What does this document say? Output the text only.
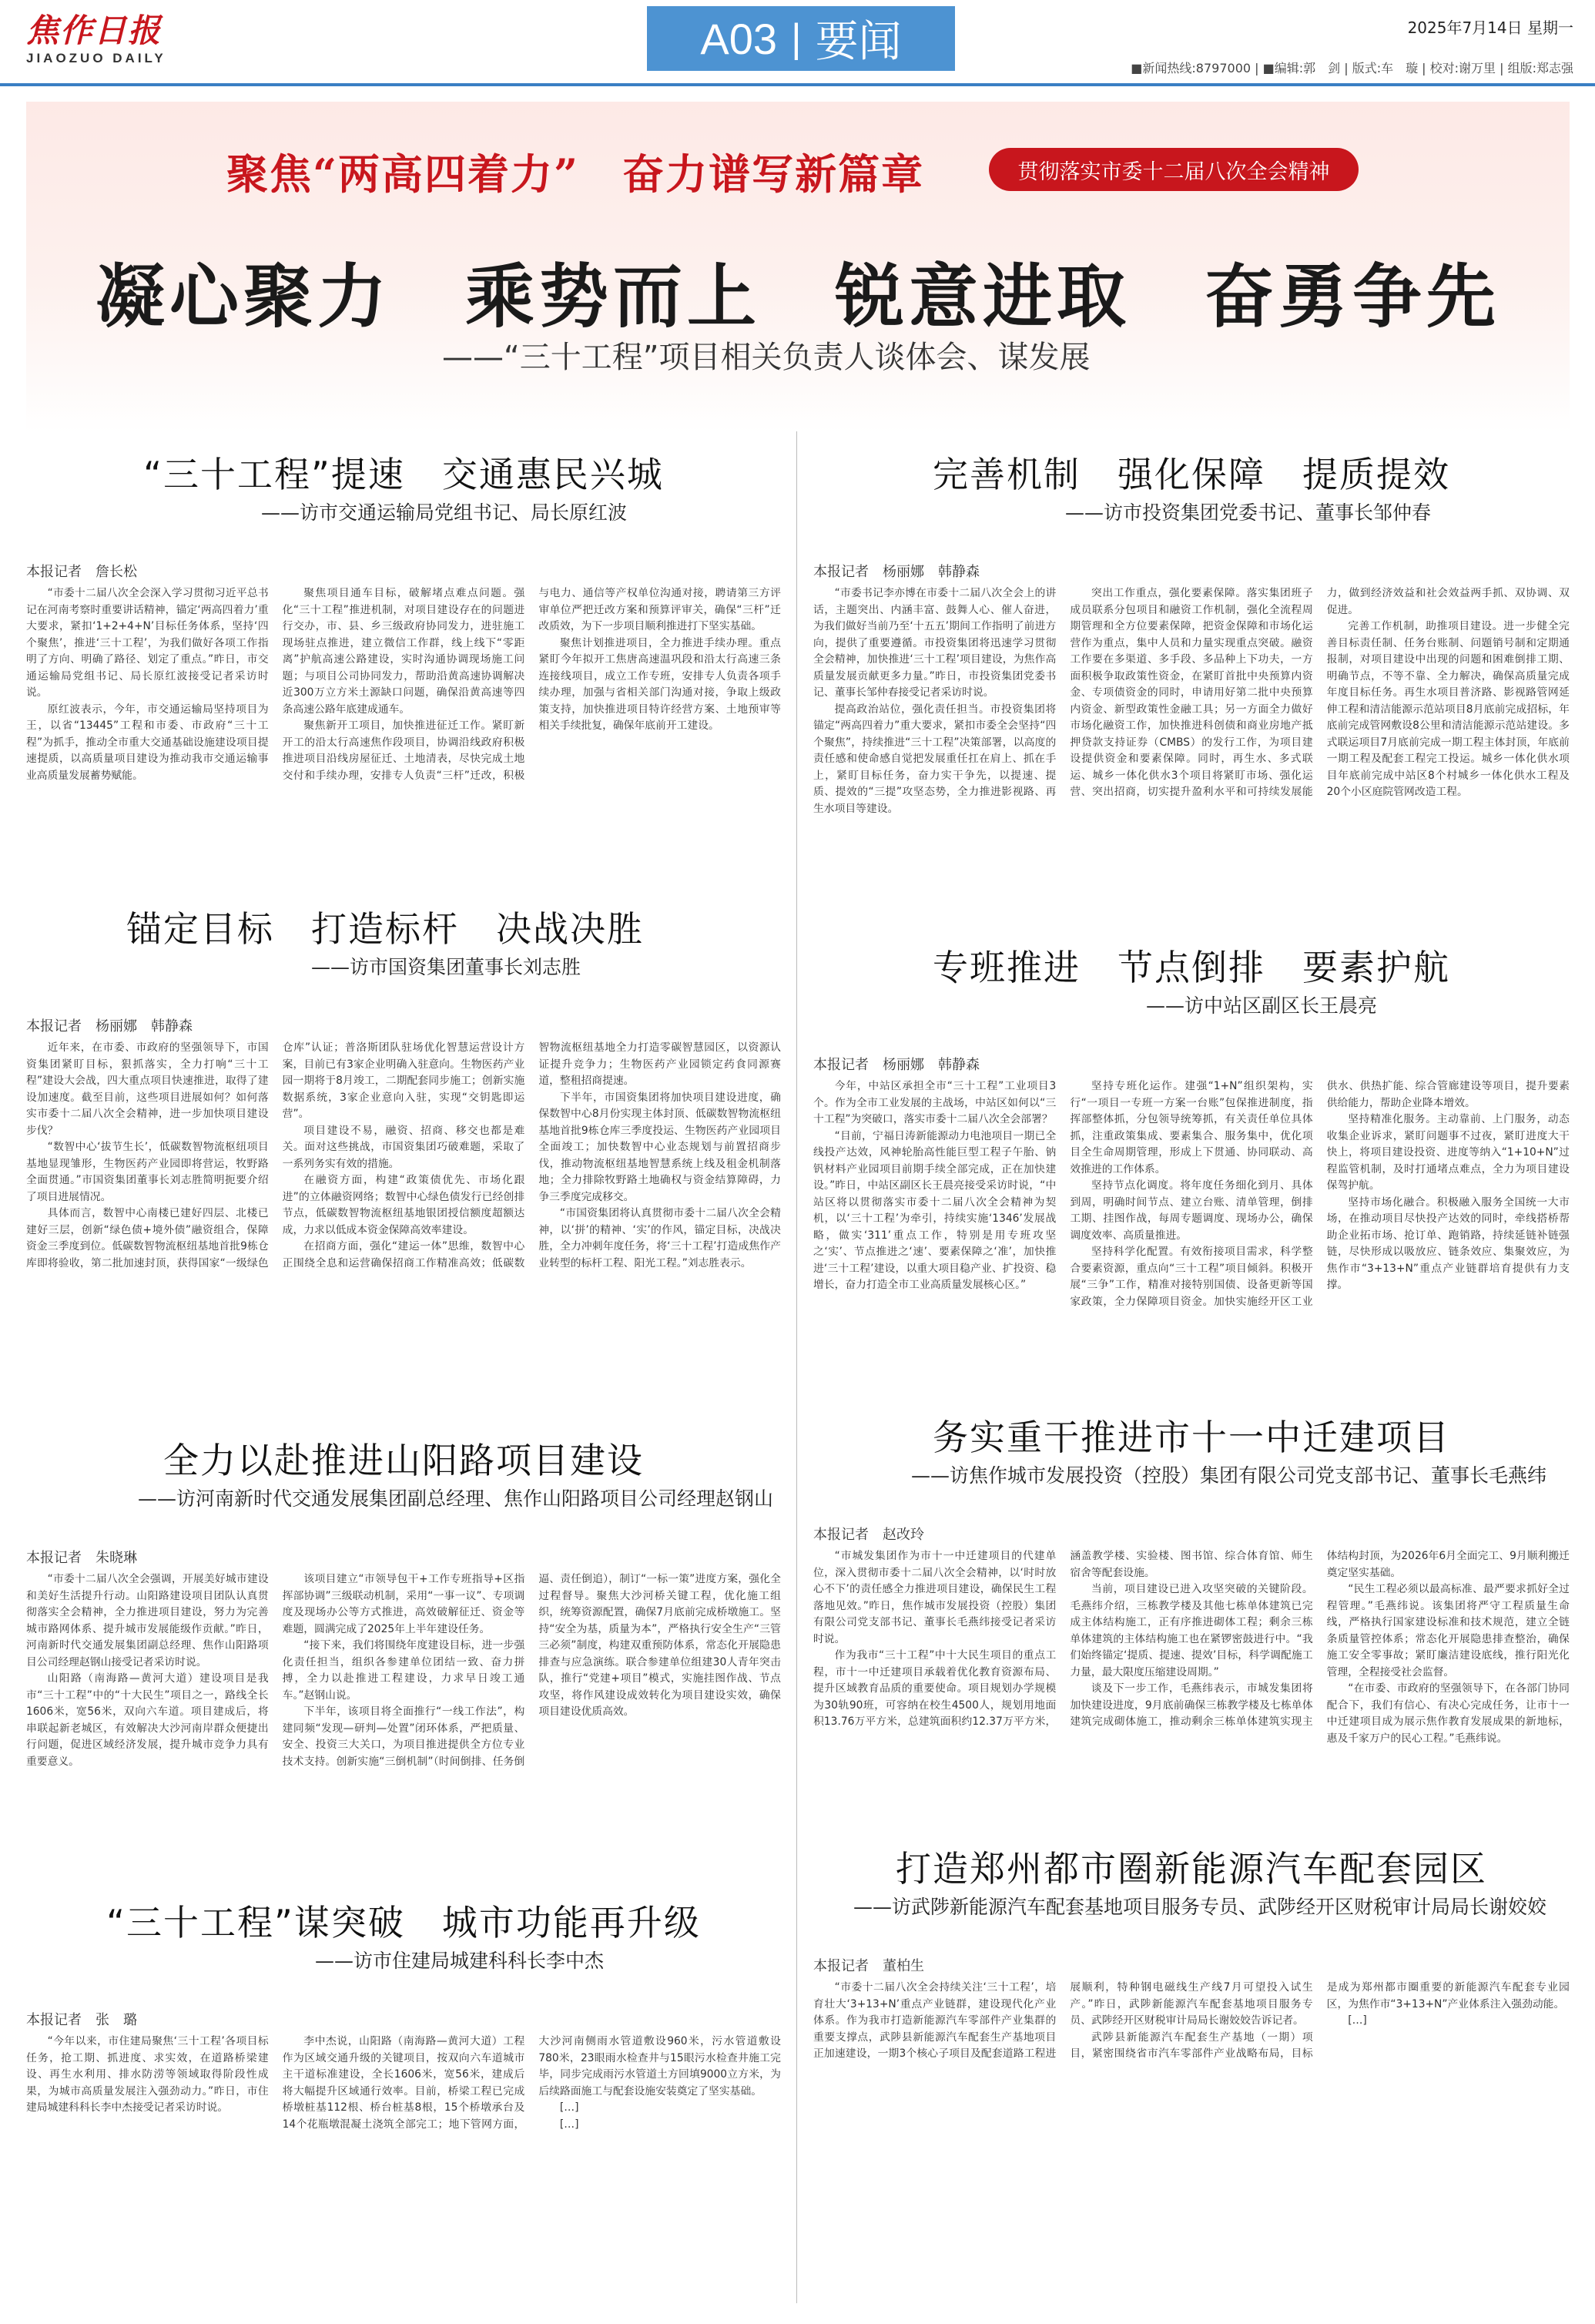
焦作日报
JIAOZUO DAILY	A03 | 要闻	2025年7月14日 星期一
■新闻热线:8797000 | ■编辑:郭　剑 | 版式:车　璇 | 校对:谢万里 | 组版:郑志强
聚焦“两高四着力”　奋力谱写新篇章	贯彻落实市委十二届八次全会精神
凝心聚力　乘势而上　锐意进取　奋勇争先
——“三十工程”项目相关负责人谈体会、谋发展
“三十工程”提速　交通惠民兴城
——访市交通运输局党组书记、局长原红波
本报记者　詹长松

“市委十二届八次全会深入学习贯彻习近平总书记在河南考察时重要讲话精神，锚定‘两高四着力’重大要求，紧扣‘1+2+4+N’目标任务体系，坚持‘四个聚焦’，推进‘三十工程’，为我们做好各项工作指明了方向、明确了路径、划定了重点。”昨日，市交通运输局党组书记、局长原红波接受记者采访时说。

原红波表示，今年，市交通运输局坚持项目为王，以省“13445”工程和市委、市政府“三十工程”为抓手，推动全市重大交通基础设施建设项目提速提质，以高质量项目建设为推动我市交通运输事业高质量发展蓄势赋能。

聚焦项目通车目标，破解堵点难点问题。强化“三十工程”推进机制，对项目建设存在的问题进行交办，市、县、乡三级政府协同发力，进驻施工现场驻点推进，建立微信工作群，线上线下“零距离”护航高速公路建设，实时沟通协调现场施工问题；与项目公司协同发力，帮助沿黄高速协调解决近300万立方米土源缺口问题，确保沿黄高速等四条高速公路年底建成通车。

聚焦新开工项目，加快推进征迁工作。紧盯新开工的沿太行高速焦作段项目，协调沿线政府积极推进项目沿线房屋征迁、土地清表，尽快完成土地交付和手续办理，安排专人负责“三杆”迁改，积极与电力、通信等产权单位沟通对接，聘请第三方评审单位严把迁改方案和预算评审关，确保“三杆”迁改质效，为下一步项目顺利推进打下坚实基础。

聚焦计划推进项目，全力推进手续办理。重点紧盯今年拟开工焦唐高速温巩段和沿太行高速三条连接线项目，成立工作专班，安排专人负责各项手续办理，加强与省相关部门沟通对接，争取上级政策支持，加快推进项目特许经营方案、土地预审等相关手续批复，确保年底前开工建设。

完善机制　强化保障　提质提效
——访市投资集团党委书记、董事长邹仲春
本报记者　杨丽娜　韩静森

“市委书记李亦博在市委十二届八次全会上的讲话，主题突出、内涵丰富、鼓舞人心、催人奋进，为我们做好当前乃至‘十五五’期间工作指明了前进方向，提供了重要遵循。市投资集团将迅速学习贯彻全会精神，加快推进‘三十工程’项目建设，为焦作高质量发展贡献更多力量。”昨日，市投资集团党委书记、董事长邹仲春接受记者采访时说。

提高政治站位，强化责任担当。市投资集团将锚定“两高四着力”重大要求，紧扣市委全会坚持“四个聚焦”，持续推进“三十工程”决策部署，以高度的责任感和使命感自觉把发展重任扛在肩上、抓在手上，紧盯目标任务，奋力实干争先，以提速、提质、提效的“三提”攻坚态势，全力推进影视路、再生水项目等建设。

突出工作重点，强化要素保障。落实集团班子成员联系分包项目和融资工作机制，强化全流程周期管理和全方位要素保障，把资金保障和市场化运营作为重点，集中人员和力量实现重点突破。融资工作要在多渠道、多手段、多品种上下功夫，一方面积极争取政策性资金，在紧盯首批中央预算内资金、专项债资金的同时，申请用好第二批中央预算内资金、新型政策性金融工具；另一方面全力做好市场化融资工作，加快推进科创债和商业房地产抵押贷款支持证券（CMBS）的发行工作，为项目建设提供资金和要素保障。同时，再生水、多式联运、城乡一体化供水3个项目将紧盯市场、强化运营、突出招商，切实提升盈利水平和可持续发展能力，做到经济效益和社会效益两手抓、双协调、双促进。

完善工作机制，助推项目建设。进一步健全完善目标责任制、任务台账制、问题销号制和定期通报制，对项目建设中出现的问题和困难倒排工期、明确节点，不等不靠、全力解决，确保高质量完成年度目标任务。再生水项目普济路、影视路管网延伸工程和清洁能源示范站项目8月底前完成招标，年底前完成管网敷设8公里和清洁能源示范站建设。多式联运项目7月底前完成一期工程主体封顶，年底前一期工程及配套工程完工投运。城乡一体化供水项目年底前完成中站区8个村城乡一体化供水工程及20个小区庭院管网改造工程。

锚定目标　打造标杆　决战决胜
——访市国资集团董事长刘志胜
本报记者　杨丽娜　韩静森

近年来，在市委、市政府的坚强领导下，市国资集团紧盯目标，狠抓落实，全力打响“三十工程”建设大会战，四大重点项目快速推进，取得了建设加速度。截至目前，这些项目进展如何？如何落实市委十二届八次全会精神，进一步加快项目建设步伐？

“数智中心‘拔节生长’，低碳数智物流枢纽项目基地显现雏形，生物医药产业园即将营运，牧野路全面贯通。”市国资集团董事长刘志胜简明扼要介绍了项目进展情况。

具体而言，数智中心南楼已建好四层、北楼已建好三层，创新“绿色债+境外债”融资组合，保障资金三季度到位。低碳数智物流枢纽基地首批9栋仓库即将验收，第二批加速封顶，获得国家“一级绿色仓库”认证；普洛斯团队驻场优化智慧运营设计方案，目前已有3家企业明确入驻意向。生物医药产业园一期将于8月竣工，二期配套同步施工；创新实施数据系统，3家企业意向入驻，实现“交钥匙即运营”。

项目建设不易，融资、招商、移交也都是难关。面对这些挑战，市国资集团巧破难题，采取了一系列务实有效的措施。

在融资方面，构建“政策债优先、市场化跟进”的立体融资网络；数智中心绿色债发行已经创排节点，低碳数智物流枢纽基地银团授信额度超额达成，力求以低成本资金保障高效率建设。

在招商方面，强化“建运一体”思维，数智中心正围绕全息和运营确保招商工作精准高效；低碳数智物流枢纽基地全力打造零碳智慧园区，以资源认证提升竞争力；生物医药产业园锁定药食同源赛道，整租招商提速。

下半年，市国资集团将加快项目建设进度，确保数智中心8月份实现主体封顶、低碳数智物流枢纽基地首批9栋仓库三季度投运、生物医药产业园项目全面竣工；加快数智中心业态规划与前置招商步伐，推动物流枢纽基地智慧系统上线及租金机制落地；全力排除牧野路土地确权与资金结算障碍，力争三季度完成移交。

“市国资集团将认真贯彻市委十二届八次全会精神，以‘拼’的精神、‘实’的作风，锚定目标，决战决胜，全力冲刺年度任务，将‘三十工程’打造成焦作产业转型的标杆工程、阳光工程。”刘志胜表示。

专班推进　节点倒排　要素护航
——访中站区副区长王晨亮
本报记者　杨丽娜　韩静森

今年，中站区承担全市“三十工程”工业项目3个。作为全市工业发展的主战场，中站区如何以“三十工程”为突破口，落实市委十二届八次全会部署？

“目前，宁福日涛新能源动力电池项目一期已全线投产达效，风神轮胎高性能巨型工程子午胎、钠钒材料产业园项目前期手续全部完成，正在加快建设。”昨日，中站区副区长王晨亮接受采访时说，“中站区将以贯彻落实市委十二届八次全会精神为契机，以‘三十工程’为牵引，持续实施‘1346’发展战略，做实‘311’重点工作，特别是用专班攻坚之‘实’、节点推进之‘速’、要素保障之‘准’，加快推进‘三十工程’建设，以重大项目稳产业、扩投资、稳增长，奋力打造全市工业高质量发展核心区。”

坚持专班化运作。建强“1+N”组织架构，实行“一项目一专班一方案一台账”包保推进制度，指挥部整体抓，分包领导统筹抓，有关责任单位具体抓，注重政策集成、要素集合、服务集中，优化项目全生命周期管理，形成上下贯通、协同联动、高效推进的工作体系。

坚持节点化调度。将年度任务细化到月、具体到周，明确时间节点、建立台账、清单管理，倒排工期、挂图作战，每周专题调度、现场办公，确保调度效率、高质量推进。

坚持科学化配置。有效衔接项目需求，科学整合要素资源，重点向“三十工程”项目倾斜。积极开展“三争”工作，精准对接特别国债、设备更新等国家政策，全力保障项目资金。加快实施经开区工业供水、供热扩能、综合管廊建设等项目，提升要素供给能力，帮助企业降本增效。

坚持精准化服务。主动靠前、上门服务，动态收集企业诉求，紧盯问题事不过夜，紧盯进度大干快上，将项目建设投资、进度等纳入“1+10+N”过程监管机制，及时打通堵点难点，全力为项目建设保驾护航。

坚持市场化融合。积极融入服务全国统一大市场，在推动项目尽快投产达效的同时，牵线搭桥帮助企业拓市场、抢订单、跑销路，持续延链补链强链，尽快形成以吸放应、链条效应、集聚效应，为焦作市“3+13+N”重点产业链群培育提供有力支撑。

全力以赴推进山阳路项目建设
——访河南新时代交通发展集团副总经理、焦作山阳路项目公司经理赵钢山
本报记者　朱晓琳

“市委十二届八次全会强调，开展美好城市建设和美好生活提升行动。山阳路建设项目团队认真贯彻落实全会精神，全力推进项目建设，努力为完善城市路网体系、提升城市发展能级作贡献。”昨日，河南新时代交通发展集团副总经理、焦作山阳路项目公司经理赵钢山接受记者采访时说。

山阳路（南海路—黄河大道）建设项目是我市“三十工程”中的“十大民生”项目之一，路线全长1606米，宽56米，双向六车道。项目建成后，将串联起新老城区，有效解决大沙河南岸群众便捷出行问题，促进区域经济发展，提升城市竞争力具有重要意义。

该项目建立“市领导包干+工作专班指导+区指挥部协调”三级联动机制，采用“一事一议”、专项调度及现场办公等方式推进，高效破解征迁、资金等难题，圆满完成了2025年上半年建设任务。

“接下来，我们将围绕年度建设目标，进一步强化责任担当，组织各参建单位团结一致、奋力拼搏，全力以赴推进工程建设，力求早日竣工通车。”赵钢山说。

下半年，该项目将全面推行“一线工作法”，构建同频“发现—研判—处置”闭环体系，严把质量、安全、投资三大关口，为项目推进提供全方位专业技术支持。创新实施“三倒机制”（时间倒排、任务倒逼、责任倒追），制订“一标一策”进度方案，强化全过程督导。聚焦大沙河桥关键工程，优化施工组织，统筹资源配置，确保7月底前完成桥墩施工。坚持“安全为基，质量为本”，严格执行安全生产“三管三必须”制度，构建双重预防体系，常态化开展隐患排查与应急演练。联合参建单位组建30人青年突击队，推行“党建+项目”模式，实施挂图作战、节点攻坚，将作风建设成效转化为项目建设实效，确保项目建设优质高效。

务实重干推进市十一中迁建项目
——访焦作城市发展投资（控股）集团有限公司党支部书记、董事长毛燕纬
本报记者　赵改玲

“市城发集团作为市十一中迁建项目的代建单位，深入贯彻市委十二届八次全会精神，以‘时时放心不下’的责任感全力推进项目建设，确保民生工程落地见效。”昨日，焦作城市发展投资（控股）集团有限公司党支部书记、董事长毛燕纬接受记者采访时说。

作为我市“三十工程”中十大民生项目的重点工程，市十一中迁建项目承载着优化教育资源布局、提升区域教育品质的重要使命。项目规划办学规模为30轨90班，可容纳在校生4500人，规划用地面积13.76万平方米，总建筑面积约12.37万平方米，涵盖教学楼、实验楼、图书馆、综合体育馆、师生宿舍等配套设施。

当前，项目建设已进入攻坚突破的关键阶段。毛燕纬介绍，三栋教学楼及其他七栋单体建筑已完成主体结构施工，正有序推进砌体工程；剩余三栋单体建筑的主体结构施工也在紧锣密鼓进行中。“我们始终锚定‘提质、提速、提效’目标，科学调配施工力量，最大限度压缩建设周期。”

谈及下一步工作，毛燕纬表示，市城发集团将加快建设进度，9月底前确保三栋教学楼及七栋单体建筑完成砌体施工，推动剩余三栋单体建筑实现主体结构封顶，为2026年6月全面完工、9月顺利搬迁奠定坚实基础。

“民生工程必须以最高标准、最严要求抓好全过程管理。”毛燕纬说。该集团将严守工程质量生命线，严格执行国家建设标准和技术规范，建立全链条质量管控体系；常态化开展隐患排查整治，确保施工安全零事故；紧盯廉洁建设底线，推行阳光化管理，全程接受社会监督。

“在市委、市政府的坚强领导下，在各部门协同配合下，我们有信心、有决心完成任务，让市十一中迁建项目成为展示焦作教育发展成果的新地标，惠及千家万户的民心工程。”毛燕纬说。

“三十工程”谋突破　城市功能再升级
——访市住建局城建科科长李中杰
本报记者　张　璐

“今年以来，市住建局聚焦‘三十工程’各项目标任务，抢工期、抓进度、求实效，在道路桥梁建设、再生水利用、排水防涝等领域取得阶段性成果，为城市高质量发展注入强劲动力。”昨日，市住建局城建科科长李中杰接受记者采访时说。

李中杰说，山阳路（南海路—黄河大道）工程作为区域交通升级的关键项目，按双向六车道城市主干道标准建设，全长1606米，宽56米，建成后将大幅提升区域通行效率。目前，桥梁工程已完成桥墩桩基112根、桥台桩基8根，15个桥墩承台及14个花瓶墩混凝土浇筑全部完工；地下管网方面，大沙河南侧雨水管道敷设960米，污水管道敷设780米，23眼雨水检查井与15眼污水检查井施工完毕，同步完成雨污水管道土方回填9000立方米，为后续路面施工与配套设施安装奠定了坚实基础。

[…]

[…]

打造郑州都市圈新能源汽车配套园区
——访武陟新能源汽车配套基地项目服务专员、武陟经开区财税审计局局长谢姣姣
本报记者　董柏生

“市委十二届八次全会持续关注‘三十工程’，培育壮大‘3+13+N’重点产业链群，建设现代化产业体系。作为我市打造新能源汽车零部件产业集群的重要支撑点，武陟县新能源汽车配套生产基地项目正加速建设，一期3个核心子项目及配套道路工程进展顺利，特种钢电磁线生产线7月可望投入试生产。”昨日，武陟新能源汽车配套基地项目服务专员、武陟经开区财税审计局局长谢姣姣告诉记者。

武陟县新能源汽车配套生产基地（一期）项目，紧密围绕省市汽车零部件产业战略布局，目标是成为郑州都市圈重要的新能源汽车配套专业园区，为焦作市“3+13+N”产业体系注入强劲动能。

[…]
